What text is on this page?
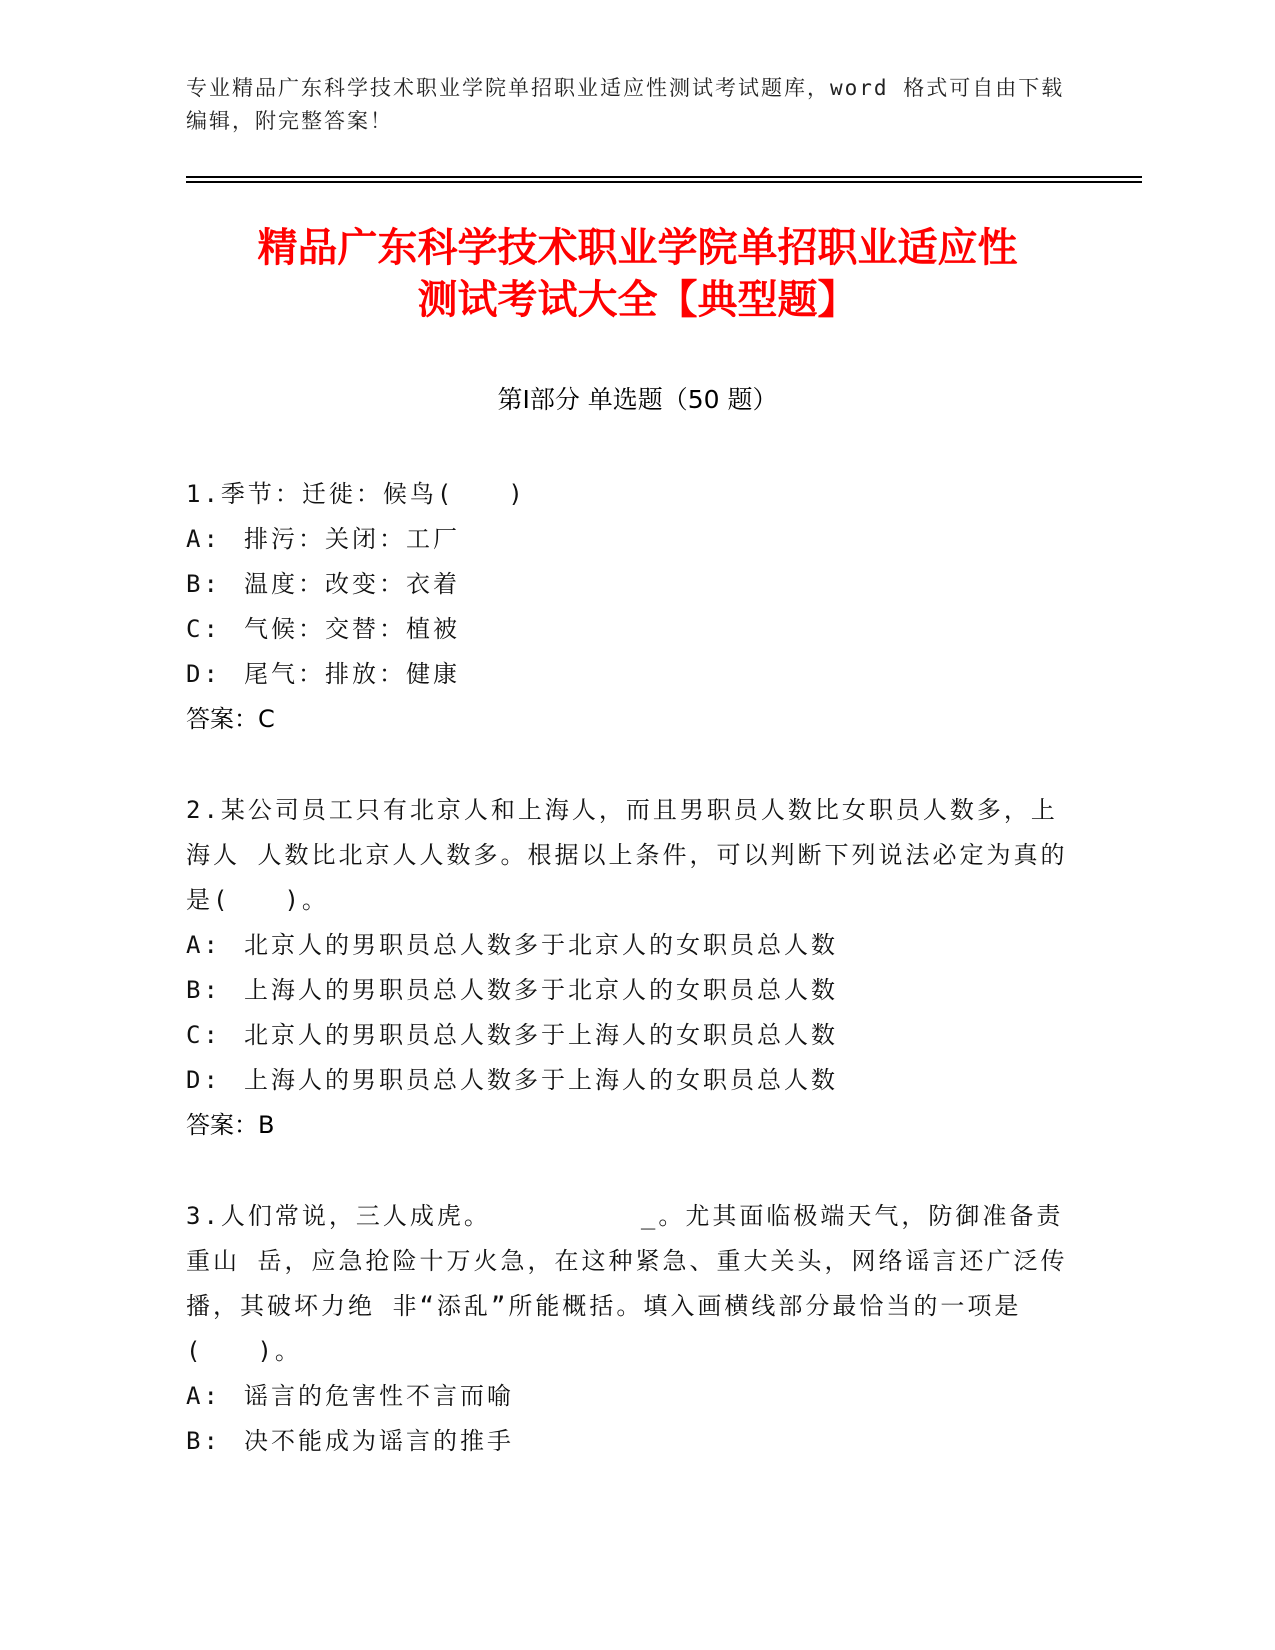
专业精品广东科学技术职业学院单招职业适应性测试考试题库，word 格式可自由下载编辑，附完整答案！
精品广东科学技术职业学院单招职业适应性
测试考试大全【典型题】
第Ⅰ部分 单选题（50 题）
1.季节：迁徙：候鸟(　　)
A: 排污：关闭：工厂
B: 温度：改变：衣着
C: 气候：交替：植被
D: 尾气：排放：健康
答案：C
2.某公司员工只有北京人和上海人，而且男职员人数比女职员人数多，上海人 人数比北京人人数多。根据以上条件，可以判断下列说法必定为真的是(　　)。
A: 北京人的男职员总人数多于北京人的女职员总人数
B: 上海人的男职员总人数多于北京人的女职员总人数
C: 北京人的男职员总人数多于上海人的女职员总人数
D: 上海人的男职员总人数多于上海人的女职员总人数
答案：B
3.人们常说，三人成虎。　　　　　　_。尤其面临极端天气，防御准备责重山 岳，应急抢险十万火急，在这种紧急、重大关头，网络谣言还广泛传播，其破坏力绝 非“添乱”所能概括。填入画横线部分最恰当的一项是(　　)。
A: 谣言的危害性不言而喻
B: 决不能成为谣言的推手
